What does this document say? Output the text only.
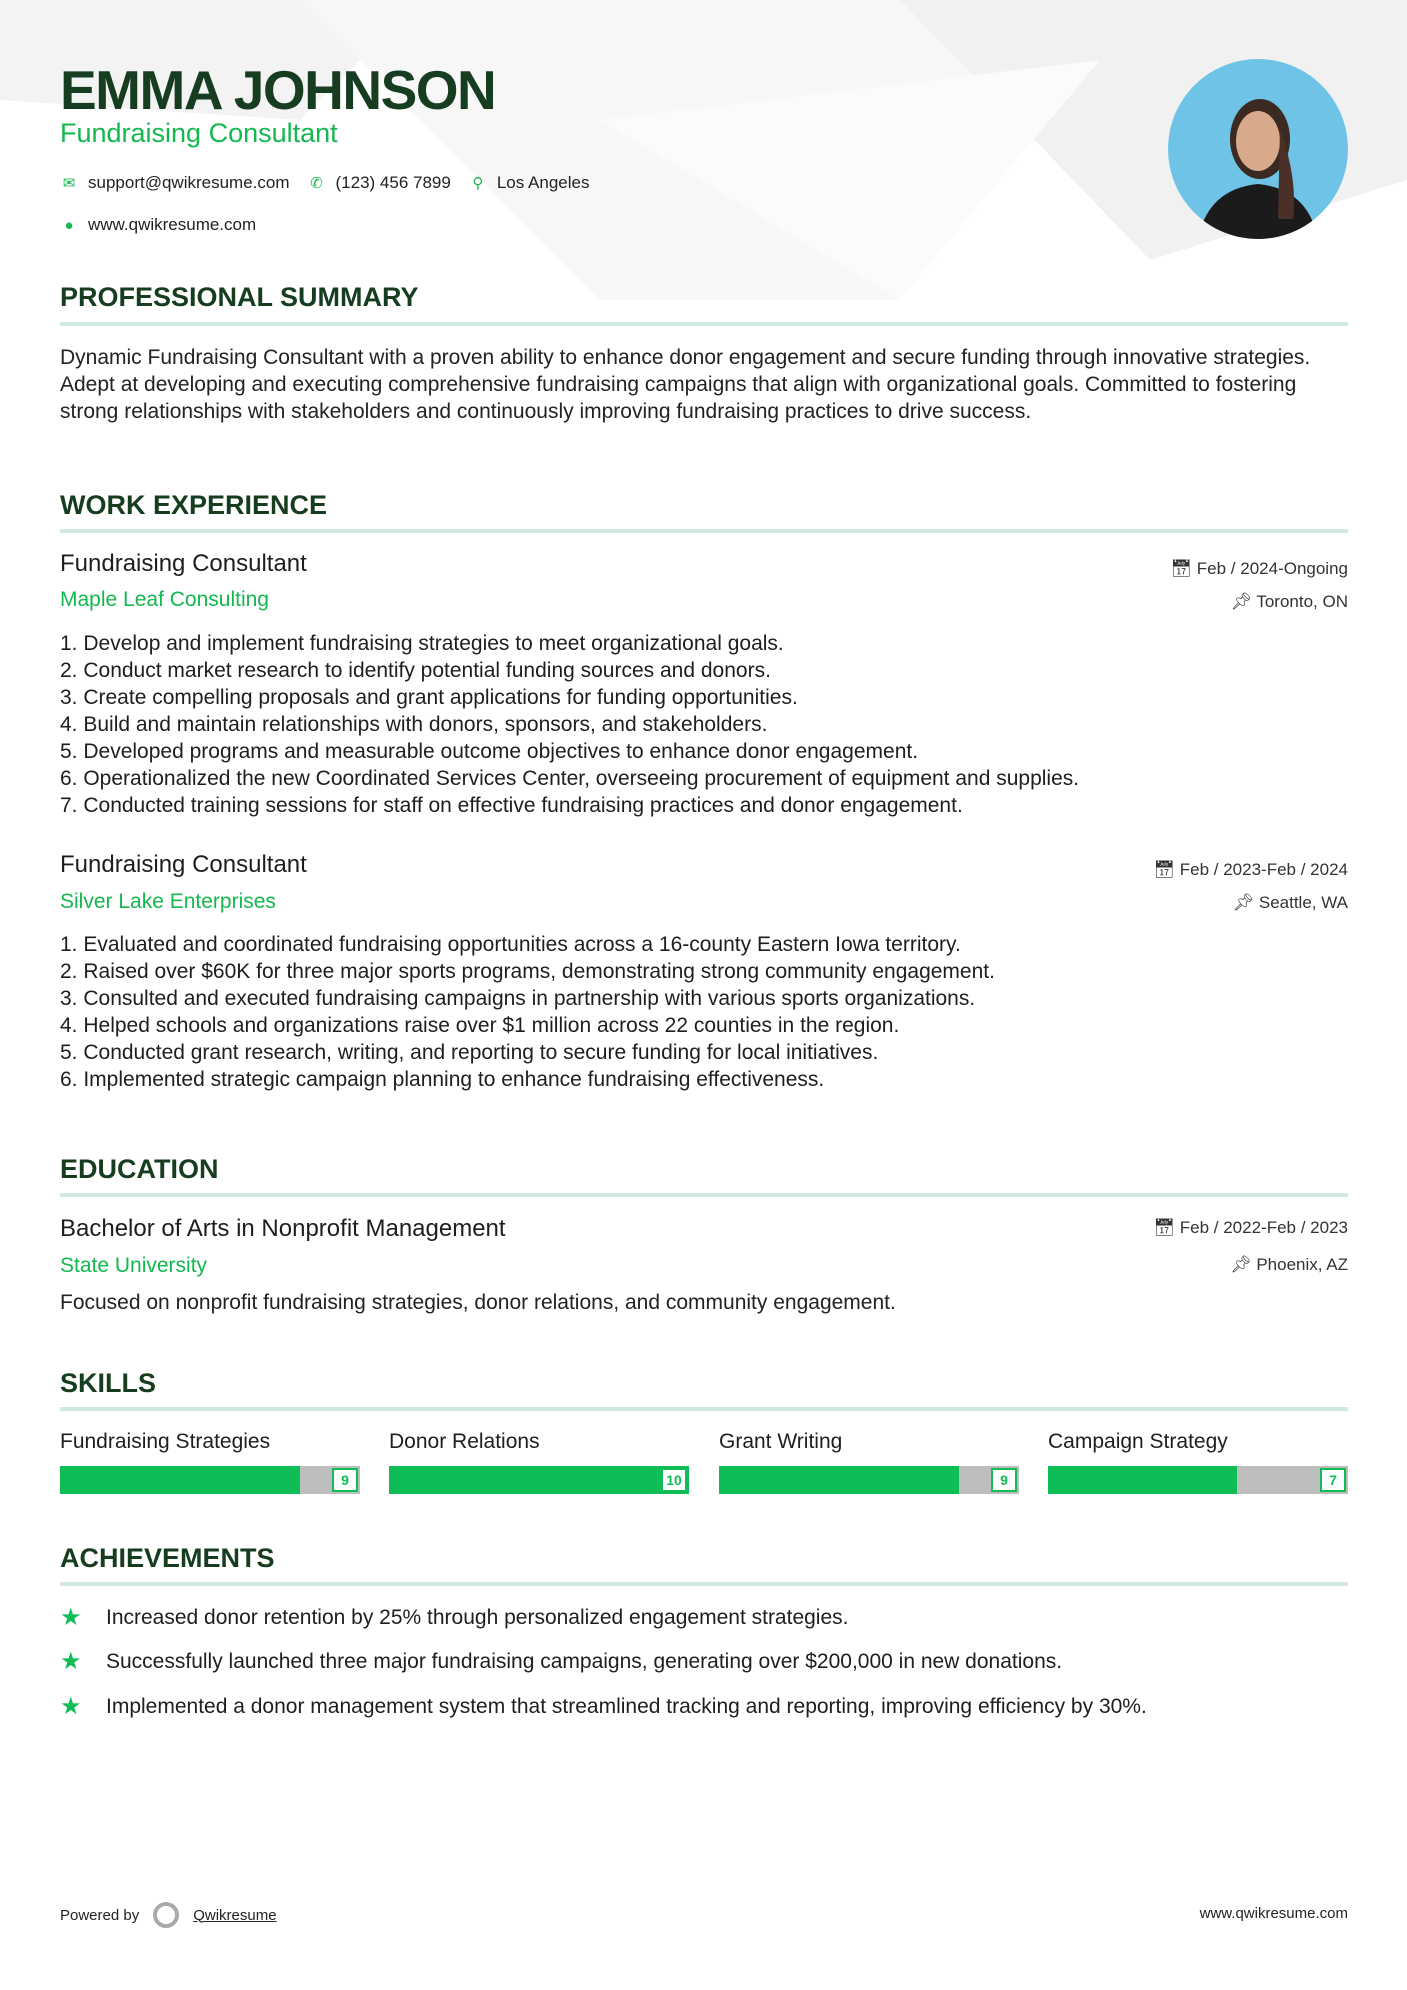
EMMA JOHNSON
Fundraising Consultant
✉ support@qwikresume.com ✆ (123) 456 7899 ⚲ Los Angeles
● www.qwikresume.com
PROFESSIONAL SUMMARY
Dynamic Fundraising Consultant with a proven ability to enhance donor engagement and secure funding through innovative strategies. Adept at developing and executing comprehensive fundraising campaigns that align with organizational goals. Committed to fostering strong relationships with stakeholders and continuously improving fundraising practices to drive success.
WORK EXPERIENCE
Fundraising Consultant
Maple Leaf Consulting
📅︎ Feb / 2024-Ongoing
📌︎ Toronto, ON
1. Develop and implement fundraising strategies to meet organizational goals.
2. Conduct market research to identify potential funding sources and donors.
3. Create compelling proposals and grant applications for funding opportunities.
4. Build and maintain relationships with donors, sponsors, and stakeholders.
5. Developed programs and measurable outcome objectives to enhance donor engagement.
6. Operationalized the new Coordinated Services Center, overseeing procurement of equipment and supplies.
7. Conducted training sessions for staff on effective fundraising practices and donor engagement.
Fundraising Consultant
Silver Lake Enterprises
📅︎ Feb / 2023-Feb / 2024
📌︎ Seattle, WA
1. Evaluated and coordinated fundraising opportunities across a 16-county Eastern Iowa territory.
2. Raised over $60K for three major sports programs, demonstrating strong community engagement.
3. Consulted and executed fundraising campaigns in partnership with various sports organizations.
4. Helped schools and organizations raise over $1 million across 22 counties in the region.
5. Conducted grant research, writing, and reporting to secure funding for local initiatives.
6. Implemented strategic campaign planning to enhance fundraising effectiveness.
EDUCATION
Bachelor of Arts in Nonprofit Management
State University
📅︎ Feb / 2022-Feb / 2023
📌︎ Phoenix, AZ
Focused on nonprofit fundraising strategies, donor relations, and community engagement.
SKILLS
Fundraising Strategies
9
Donor Relations
10
Grant Writing
9
Campaign Strategy
7
ACHIEVEMENTS
★	Increased donor retention by 25% through personalized engagement strategies.
★	Successfully launched three major fundraising campaigns, generating over $200,000 in new donations.
★	Implemented a donor management system that streamlined tracking and reporting, improving efficiency by 30%.
Powered by	Qwikresume	www.qwikresume.com
